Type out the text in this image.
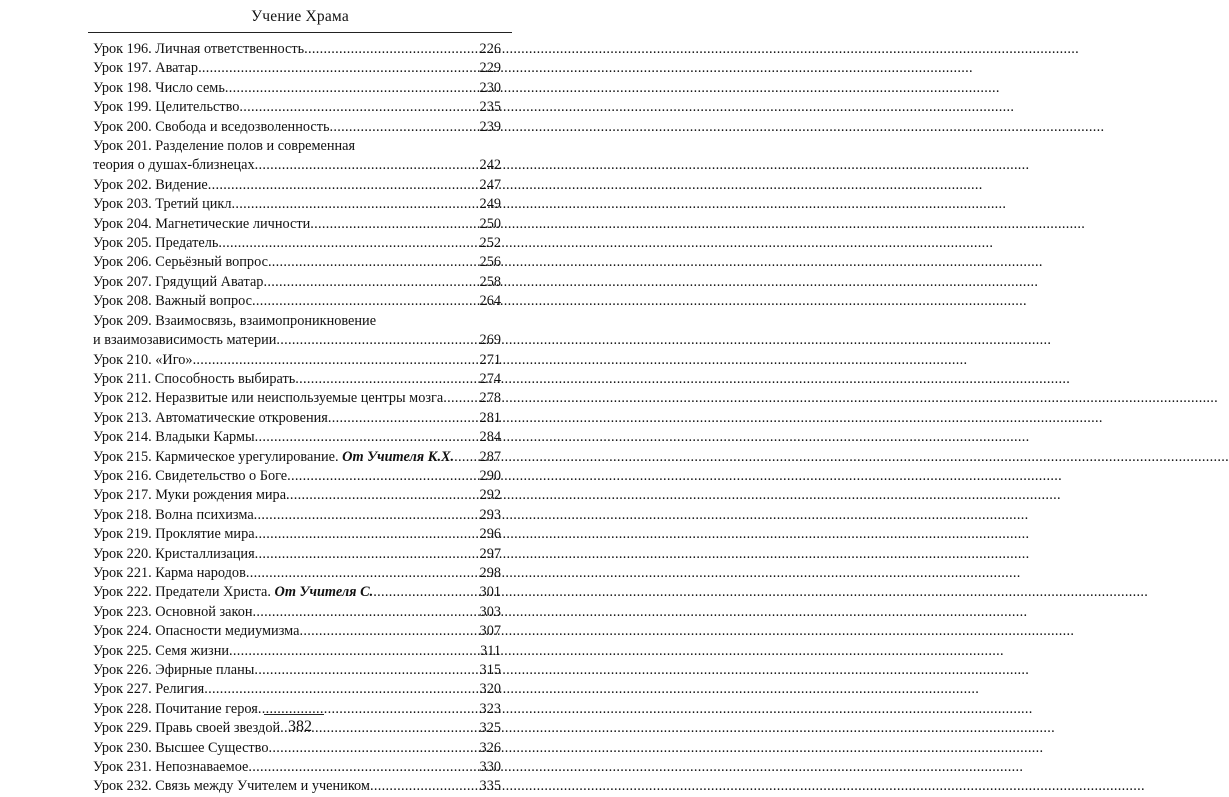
Учение Храма
Урок 196. Личная ответственность .....	226
Урок 197. Аватар .....	229
Урок 198. Число семь .....	230
Урок 199. Целительство .....	235
Урок 200. Свобода и вседозволенность .....	239
Урок 201. Разделение полов и современная
теория о душах-близнецах .....	242
Урок 202. Видение .....	247
Урок 203. Третий цикл .....	249
Урок 204. Магнетические личности .....	250
Урок 205. Предатель .....	252
Урок 206. Серьёзный вопрос .....	256
Урок 207. Грядущий Аватар .....	258
Урок 208. Важный вопрос .....	264
Урок 209. Взаимосвязь, взаимопроникновение
и взаимозависимость материи .....	269
Урок 210. «Иго» .....	271
Урок 211. Способность выбирать .....	274
Урок 212. Неразвитые или неиспользуемые центры мозга .....	278
Урок 213. Автоматические откровения .....	281
Урок 214. Владыки Кармы .....	284
Урок 215. Кармическое урегулирование. От Учителя К.Х. ..... 287
Урок 216. Свидетельство о Боге .....	290
Урок 217. Муки рождения мира .....	292
Урок 218. Волна психизма .....	293
Урок 219. Проклятие мира .....	296
Урок 220. Кристаллизация .....	297
Урок 221. Карма народов .....	298
Урок 222. Предатели Христа. От Учителя С. .....	301
Урок 223. Основной закон .....	303
Урок 224. Опасности медиумизма .....	307
Урок 225. Семя жизни .....	311
Урок 226. Эфирные планы .....	315
Урок 227. Религия .....	320
Урок 228. Почитание героя .....	323
Урок 229. Правь своей звездой .....	325
Урок 230. Высшее Существо .....	326
Урок 231. Непознаваемое .....	330
Урок 232. Связь между Учителем и учеником .....	335
382
